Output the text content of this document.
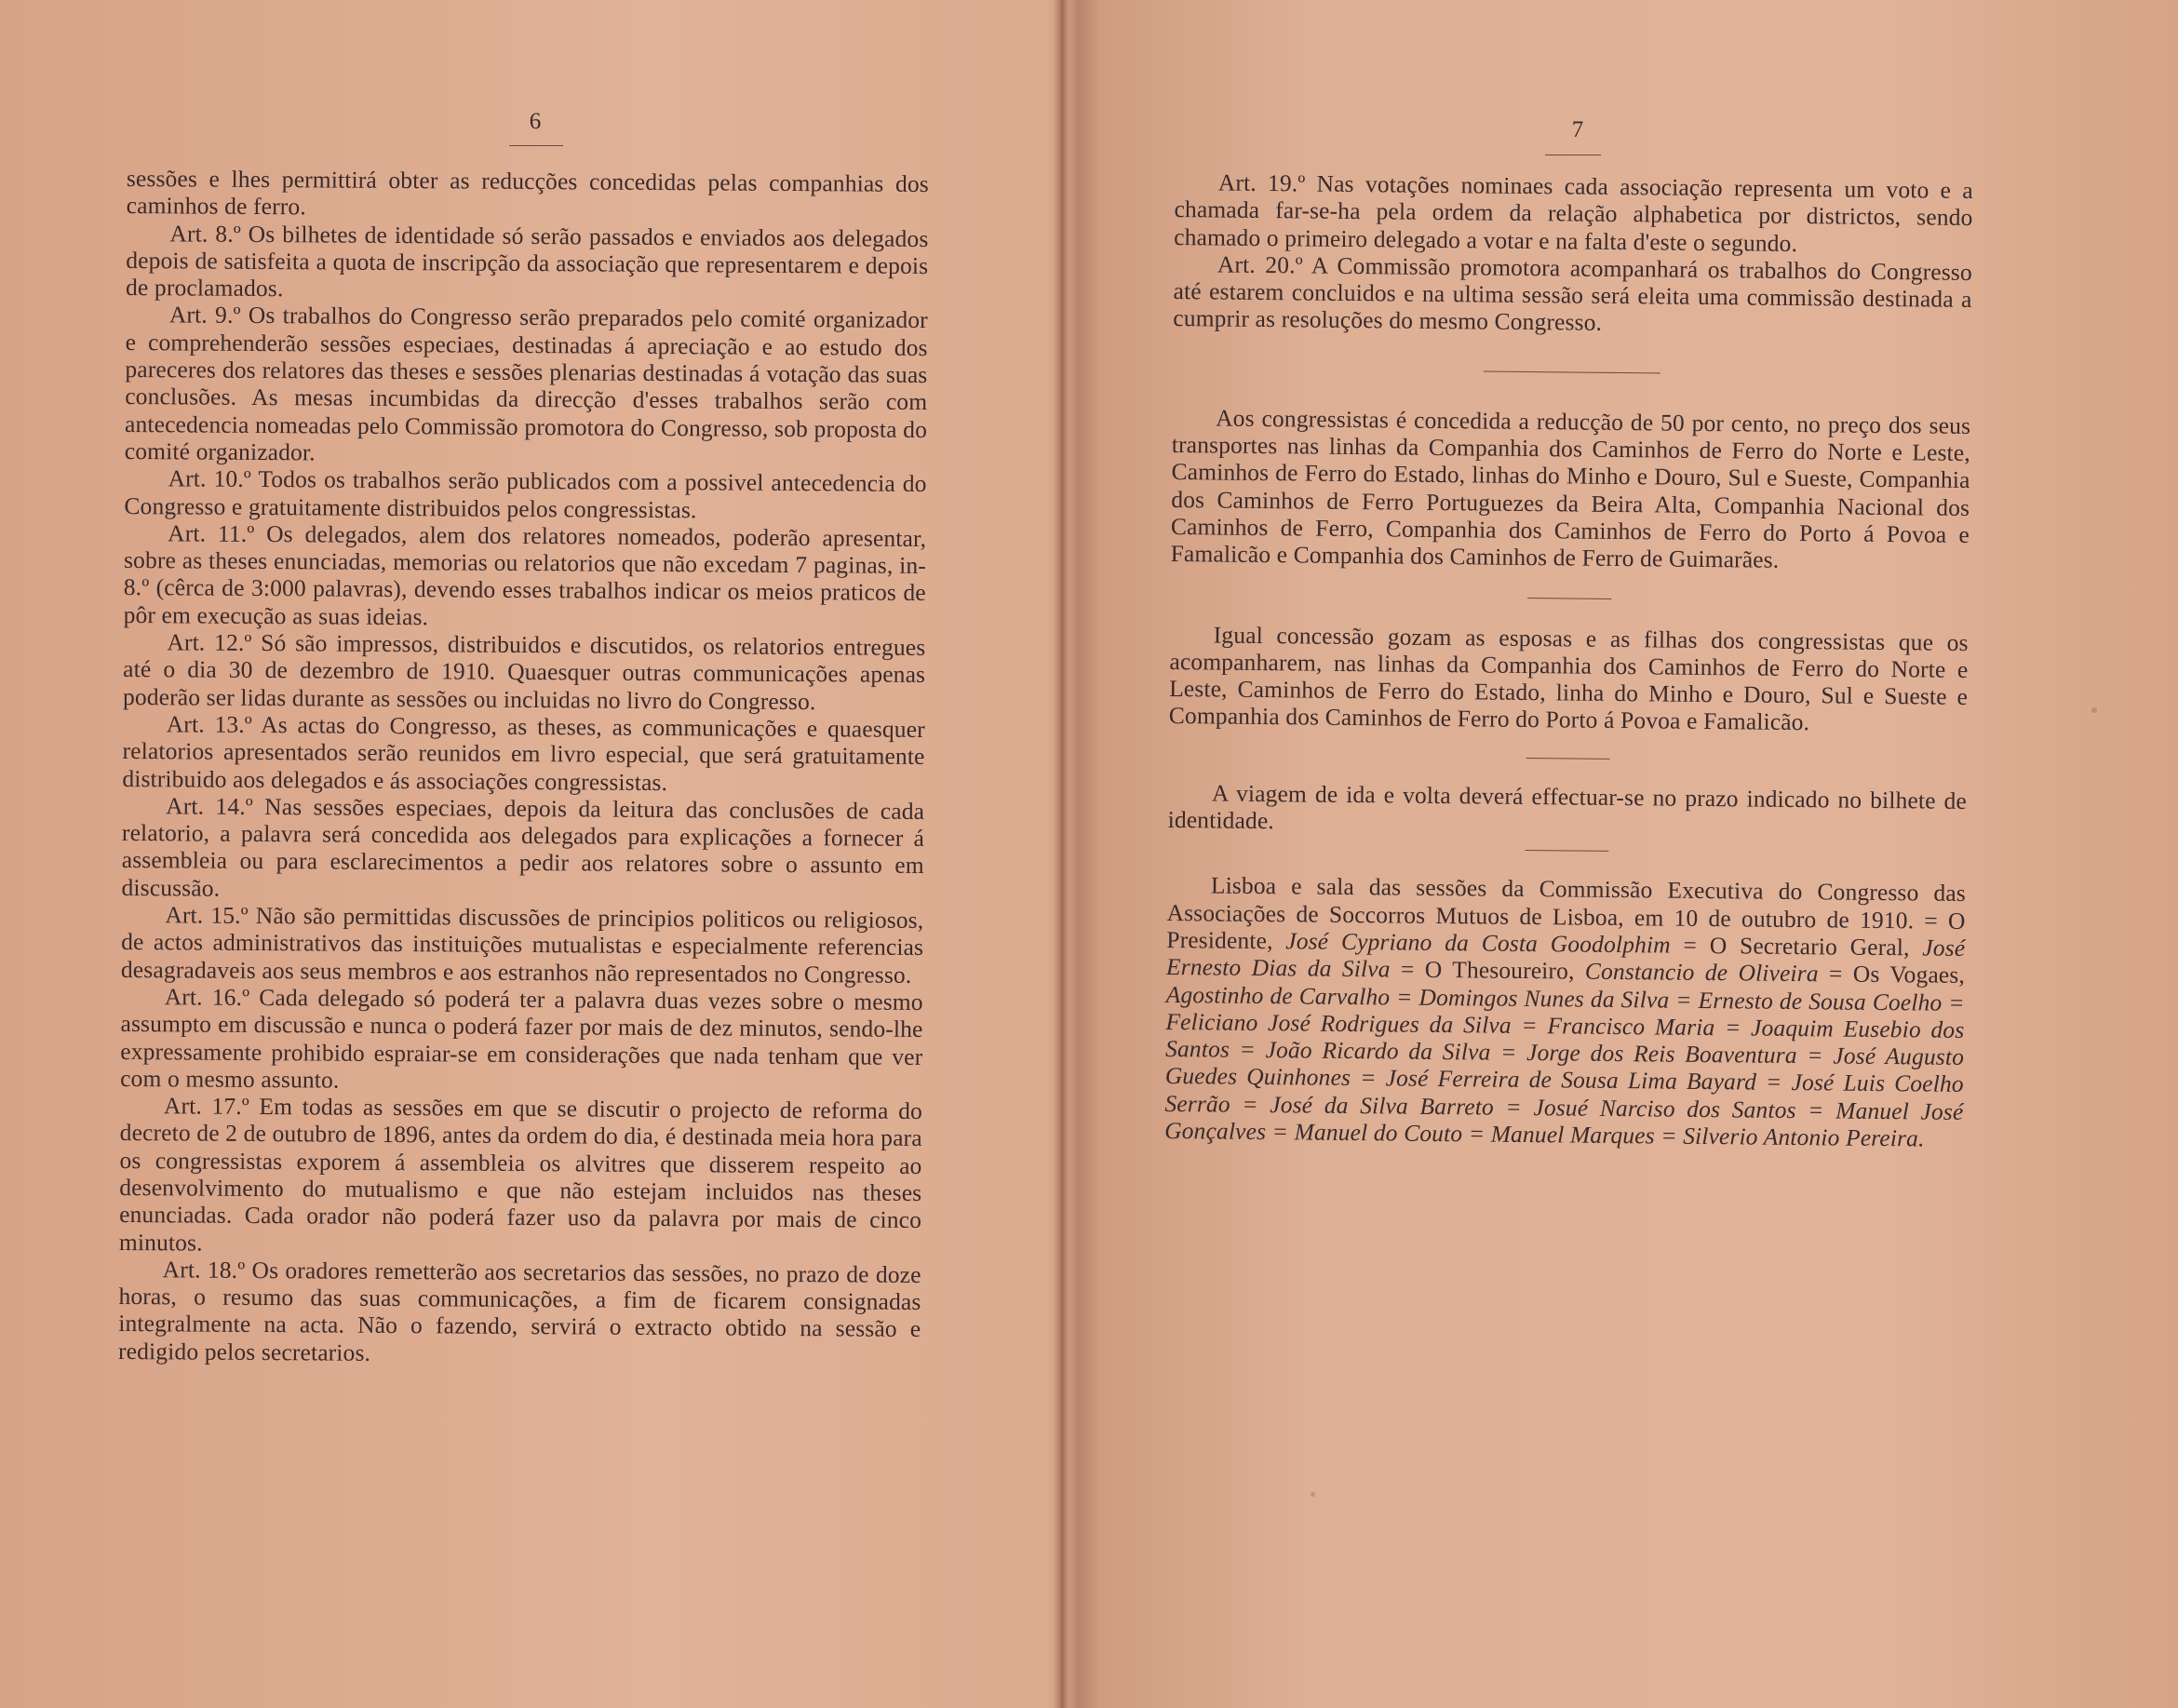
6

sessões e lhes permittirá obter as reducções concedidas pelas companhias dos caminhos de ferro.

Art. 8.º Os bilhetes de identidade só serão passados e enviados aos delegados depois de satisfeita a quota de inscripção da associação que representarem e depois de proclamados.

Art. 9.º Os trabalhos do Congresso serão preparados pelo comité organizador e comprehenderão sessões especiaes, destinadas á apreciação e ao estudo dos pareceres dos relatores das theses e sessões plenarias destinadas á votação das suas conclusões. As mesas incumbidas da direcção d'esses trabalhos serão com antecedencia nomeadas pelo Commissão promotora do Congresso, sob proposta do comité organizador.

Art. 10.º Todos os trabalhos serão publicados com a possivel antecedencia do Congresso e gratuitamente distribuidos pelos congressistas.

Art. 11.º Os delegados, alem dos relatores nomeados, poderão apresentar, sobre as theses enunciadas, memorias ou relatorios que não excedam 7 paginas, in-8.º (cêrca de 3:000 palavras), devendo esses trabalhos indicar os meios praticos de pôr em execução as suas ideias.

Art. 12.º Só são impressos, distribuidos e discutidos, os relatorios entregues até o dia 30 de dezembro de 1910. Quaesquer outras communicações apenas poderão ser lidas durante as sessões ou incluidas no livro do Congresso.

Art. 13.º As actas do Congresso, as theses, as communicações e quaesquer relatorios apresentados serão reunidos em livro especial, que será gratuitamente distribuido aos delegados e ás associações congressistas.

Art. 14.º Nas sessões especiaes, depois da leitura das conclusões de cada relatorio, a palavra será concedida aos delegados para explicações a fornecer á assembleia ou para esclarecimentos a pedir aos relatores sobre o assunto em discussão.

Art. 15.º Não são permittidas discussões de principios politicos ou religiosos, de actos administrativos das instituições mutualistas e especialmente referencias desagradaveis aos seus membros e aos estranhos não representados no Congresso.

Art. 16.º Cada delegado só poderá ter a palavra duas vezes sobre o mesmo assumpto em discussão e nunca o poderá fazer por mais de dez minutos, sendo-lhe expressamente prohibido espraiar-se em considerações que nada tenham que ver com o mesmo assunto.

Art. 17.º Em todas as sessões em que se discutir o projecto de reforma do decreto de 2 de outubro de 1896, antes da ordem do dia, é destinada meia hora para os congressistas exporem á assembleia os alvitres que disserem respeito ao desenvolvimento do mutualismo e que não estejam incluidos nas theses enunciadas. Cada orador não poderá fazer uso da palavra por mais de cinco minutos.

Art. 18.º Os oradores remetterão aos secretarios das sessões, no prazo de doze horas, o resumo das suas communicações, a fim de ficarem consignadas integralmente na acta. Não o fazendo, servirá o extracto obtido na sessão e redigido pelos secretarios.

7

Art. 19.º Nas votações nominaes cada associação representa um voto e a chamada far-se-ha pela ordem da relação alphabetica por districtos, sendo chamado o primeiro delegado a votar e na falta d'este o segundo.

Art. 20.º A Commissão promotora acompanhará os trabalhos do Congresso até estarem concluidos e na ultima sessão será eleita uma commissão destinada a cumprir as resoluções do mesmo Congresso.

Aos congressistas é concedida a reducção de 50 por cento, no preço dos seus transportes nas linhas da Companhia dos Caminhos de Ferro do Norte e Leste, Caminhos de Ferro do Estado, linhas do Minho e Douro, Sul e Sueste, Companhia dos Caminhos de Ferro Portuguezes da Beira Alta, Companhia Nacional dos Caminhos de Ferro, Companhia dos Caminhos de Ferro do Porto á Povoa e Famalicão e Companhia dos Caminhos de Ferro de Guimarães.

Igual concessão gozam as esposas e as filhas dos congressistas que os acompanharem, nas linhas da Companhia dos Caminhos de Ferro do Norte e Leste, Caminhos de Ferro do Estado, linha do Minho e Douro, Sul e Sueste e Companhia dos Caminhos de Ferro do Porto á Povoa e Famalicão.

A viagem de ida e volta deverá effectuar-se no prazo indicado no bilhete de identidade.

Lisboa e sala das sessões da Commissão Executiva do Congresso das Associações de Soccorros Mutuos de Lisboa, em 10 de outubro de 1910. = O Presidente, José Cypriano da Costa Goodolphim = O Secretario Geral, José Ernesto Dias da Silva = O Thesoureiro, Constancio de Oliveira = Os Vogaes, Agostinho de Carvalho = Domingos Nunes da Silva = Ernesto de Sousa Coelho = Feliciano José Rodrigues da Silva = Francisco Maria = Joaquim Eusebio dos Santos = João Ricardo da Silva = Jorge dos Reis Boaventura = José Augusto Guedes Quinhones = José Ferreira de Sousa Lima Bayard = José Luis Coelho Serrão = José da Silva Barreto = Josué Narciso dos Santos = Manuel José Gonçalves = Manuel do Couto = Manuel Marques = Silverio Antonio Pereira.
